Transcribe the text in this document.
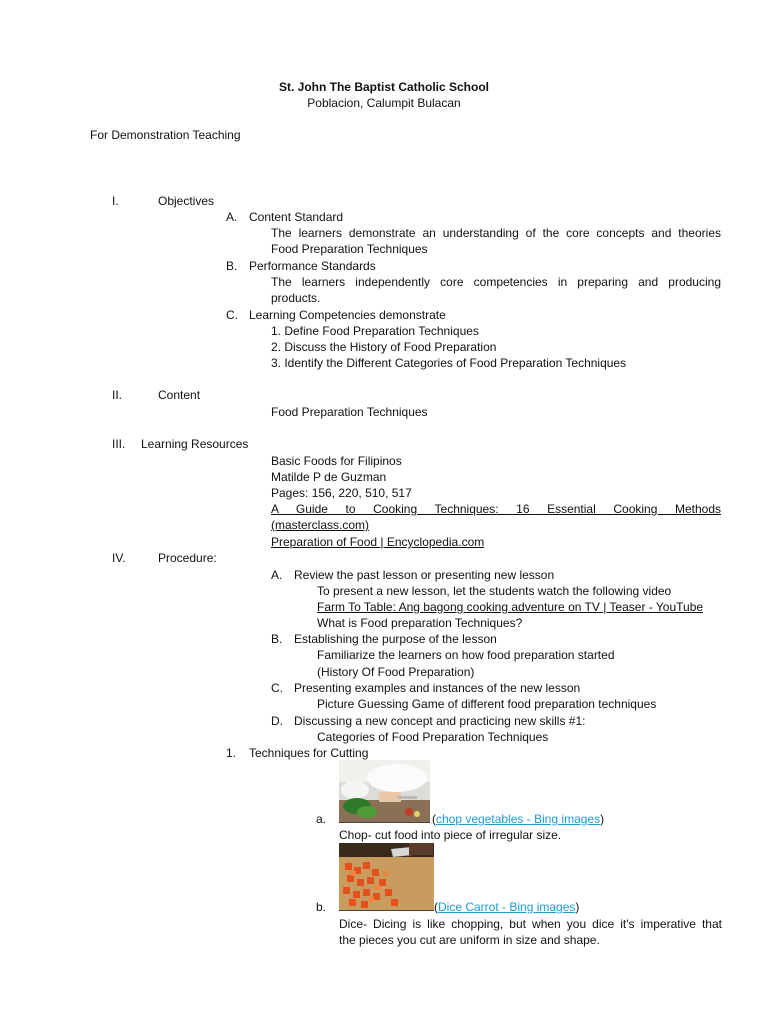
St. John The Baptist Catholic School
Poblacion, Calumpit Bulacan
For Demonstration Teaching
I.	Objectives
A. Content Standard
The learners demonstrate an understanding of the core concepts and theories
Food Preparation Techniques
B. Performance Standards
The learners independently core competencies in preparing and producing
products.
C. Learning Competencies demonstrate
1. Define Food Preparation Techniques
2. Discuss the History of Food Preparation
3. Identify the Different Categories of Food Preparation Techniques
II.	Content
Food Preparation Techniques
III. Learning Resources
Basic Foods for Filipinos
Matilde P de Guzman
Pages: 156, 220, 510, 517
A Guide to Cooking Techniques: 16 Essential Cooking Methods
(masterclass.com)
Preparation of Food | Encyclopedia.com
IV.	Procedure:
A. Review the past lesson or presenting new lesson
To present a new lesson, let the students watch the following video
Farm To Table: Ang bagong cooking adventure on TV | Teaser - YouTube
What is Food preparation Techniques?
B. Establishing the purpose of the lesson
Familiarize the learners on how food preparation started
(History Of Food Preparation)
C. Presenting examples and instances of the new lesson
Picture Guessing Game of different food preparation techniques
D. Discussing a new concept and practicing new skills #1:
Categories of Food Preparation Techniques
1. Techniques for Cutting
a.	(chop vegetables - Bing images)
Chop- cut food into piece of irregular size.
b.	(Dice Carrot - Bing images)
Dice- Dicing is like chopping, but when you dice it's imperative that
the pieces you cut are uniform in size and shape.
